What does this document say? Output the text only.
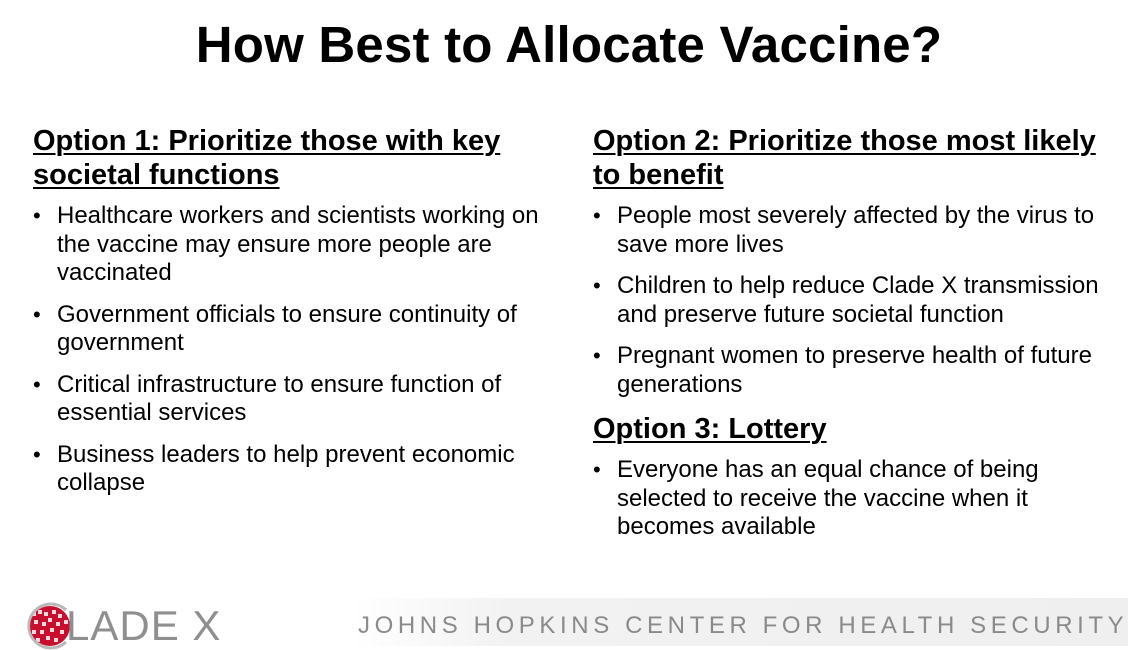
How Best to Allocate Vaccine?
Option 1: Prioritize those with key societal functions
• Healthcare workers and scientists working on the vaccine may ensure more people are vaccinated
• Government officials to ensure continuity of government
• Critical infrastructure to ensure function of essential services
• Business leaders to help prevent economic collapse
Option 2: Prioritize those most likely to benefit
• People most severely affected by the virus to save more lives
• Children to help reduce Clade X transmission and preserve future societal function
• Pregnant women to preserve health of future generations
Option 3: Lottery
• Everyone has an equal chance of being selected to receive the vaccine when it becomes available
JOHNS HOPKINS CENTER FOR HEALTH SECURITY
LADE X
